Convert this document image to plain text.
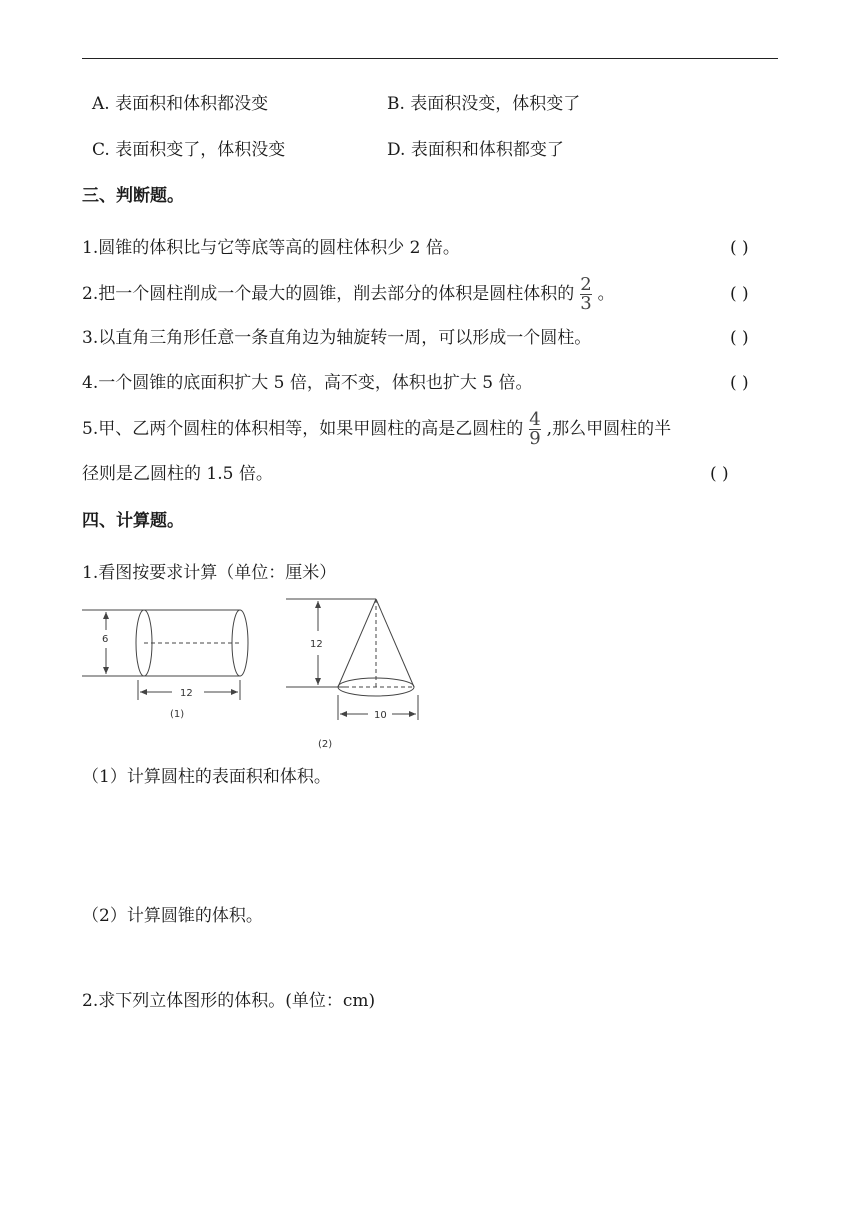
A. 表面积和体积都没变	B. 表面积没变，体积变了
C. 表面积变了，体积没变	D. 表面积和体积都变了
三、判断题。
1.圆锥的体积比与它等底等高的圆柱体积少 2 倍。	( )
2.把一个圆柱削成一个最大的圆锥，削去部分的体积是圆柱体积的 $\frac{2}{3}$ 。	( )
3.以直角三角形任意一条直角边为轴旋转一周，可以形成一个圆柱。	( )
4.一个圆锥的底面积扩大 5 倍，高不变，体积也扩大 5 倍。	( )
5.甲、乙两个圆柱的体积相等，如果甲圆柱的高是乙圆柱的 $\frac{4}{9}$ ,那么甲圆柱的半
径则是乙圆柱的 1.5 倍。	( )
四、计算题。
1.看图按要求计算（单位：厘米）
6
12
(1)
12
10
(2)
（1）计算圆柱的表面积和体积。
（2）计算圆锥的体积。
2.求下列立体图形的体积。(单位：cm)
